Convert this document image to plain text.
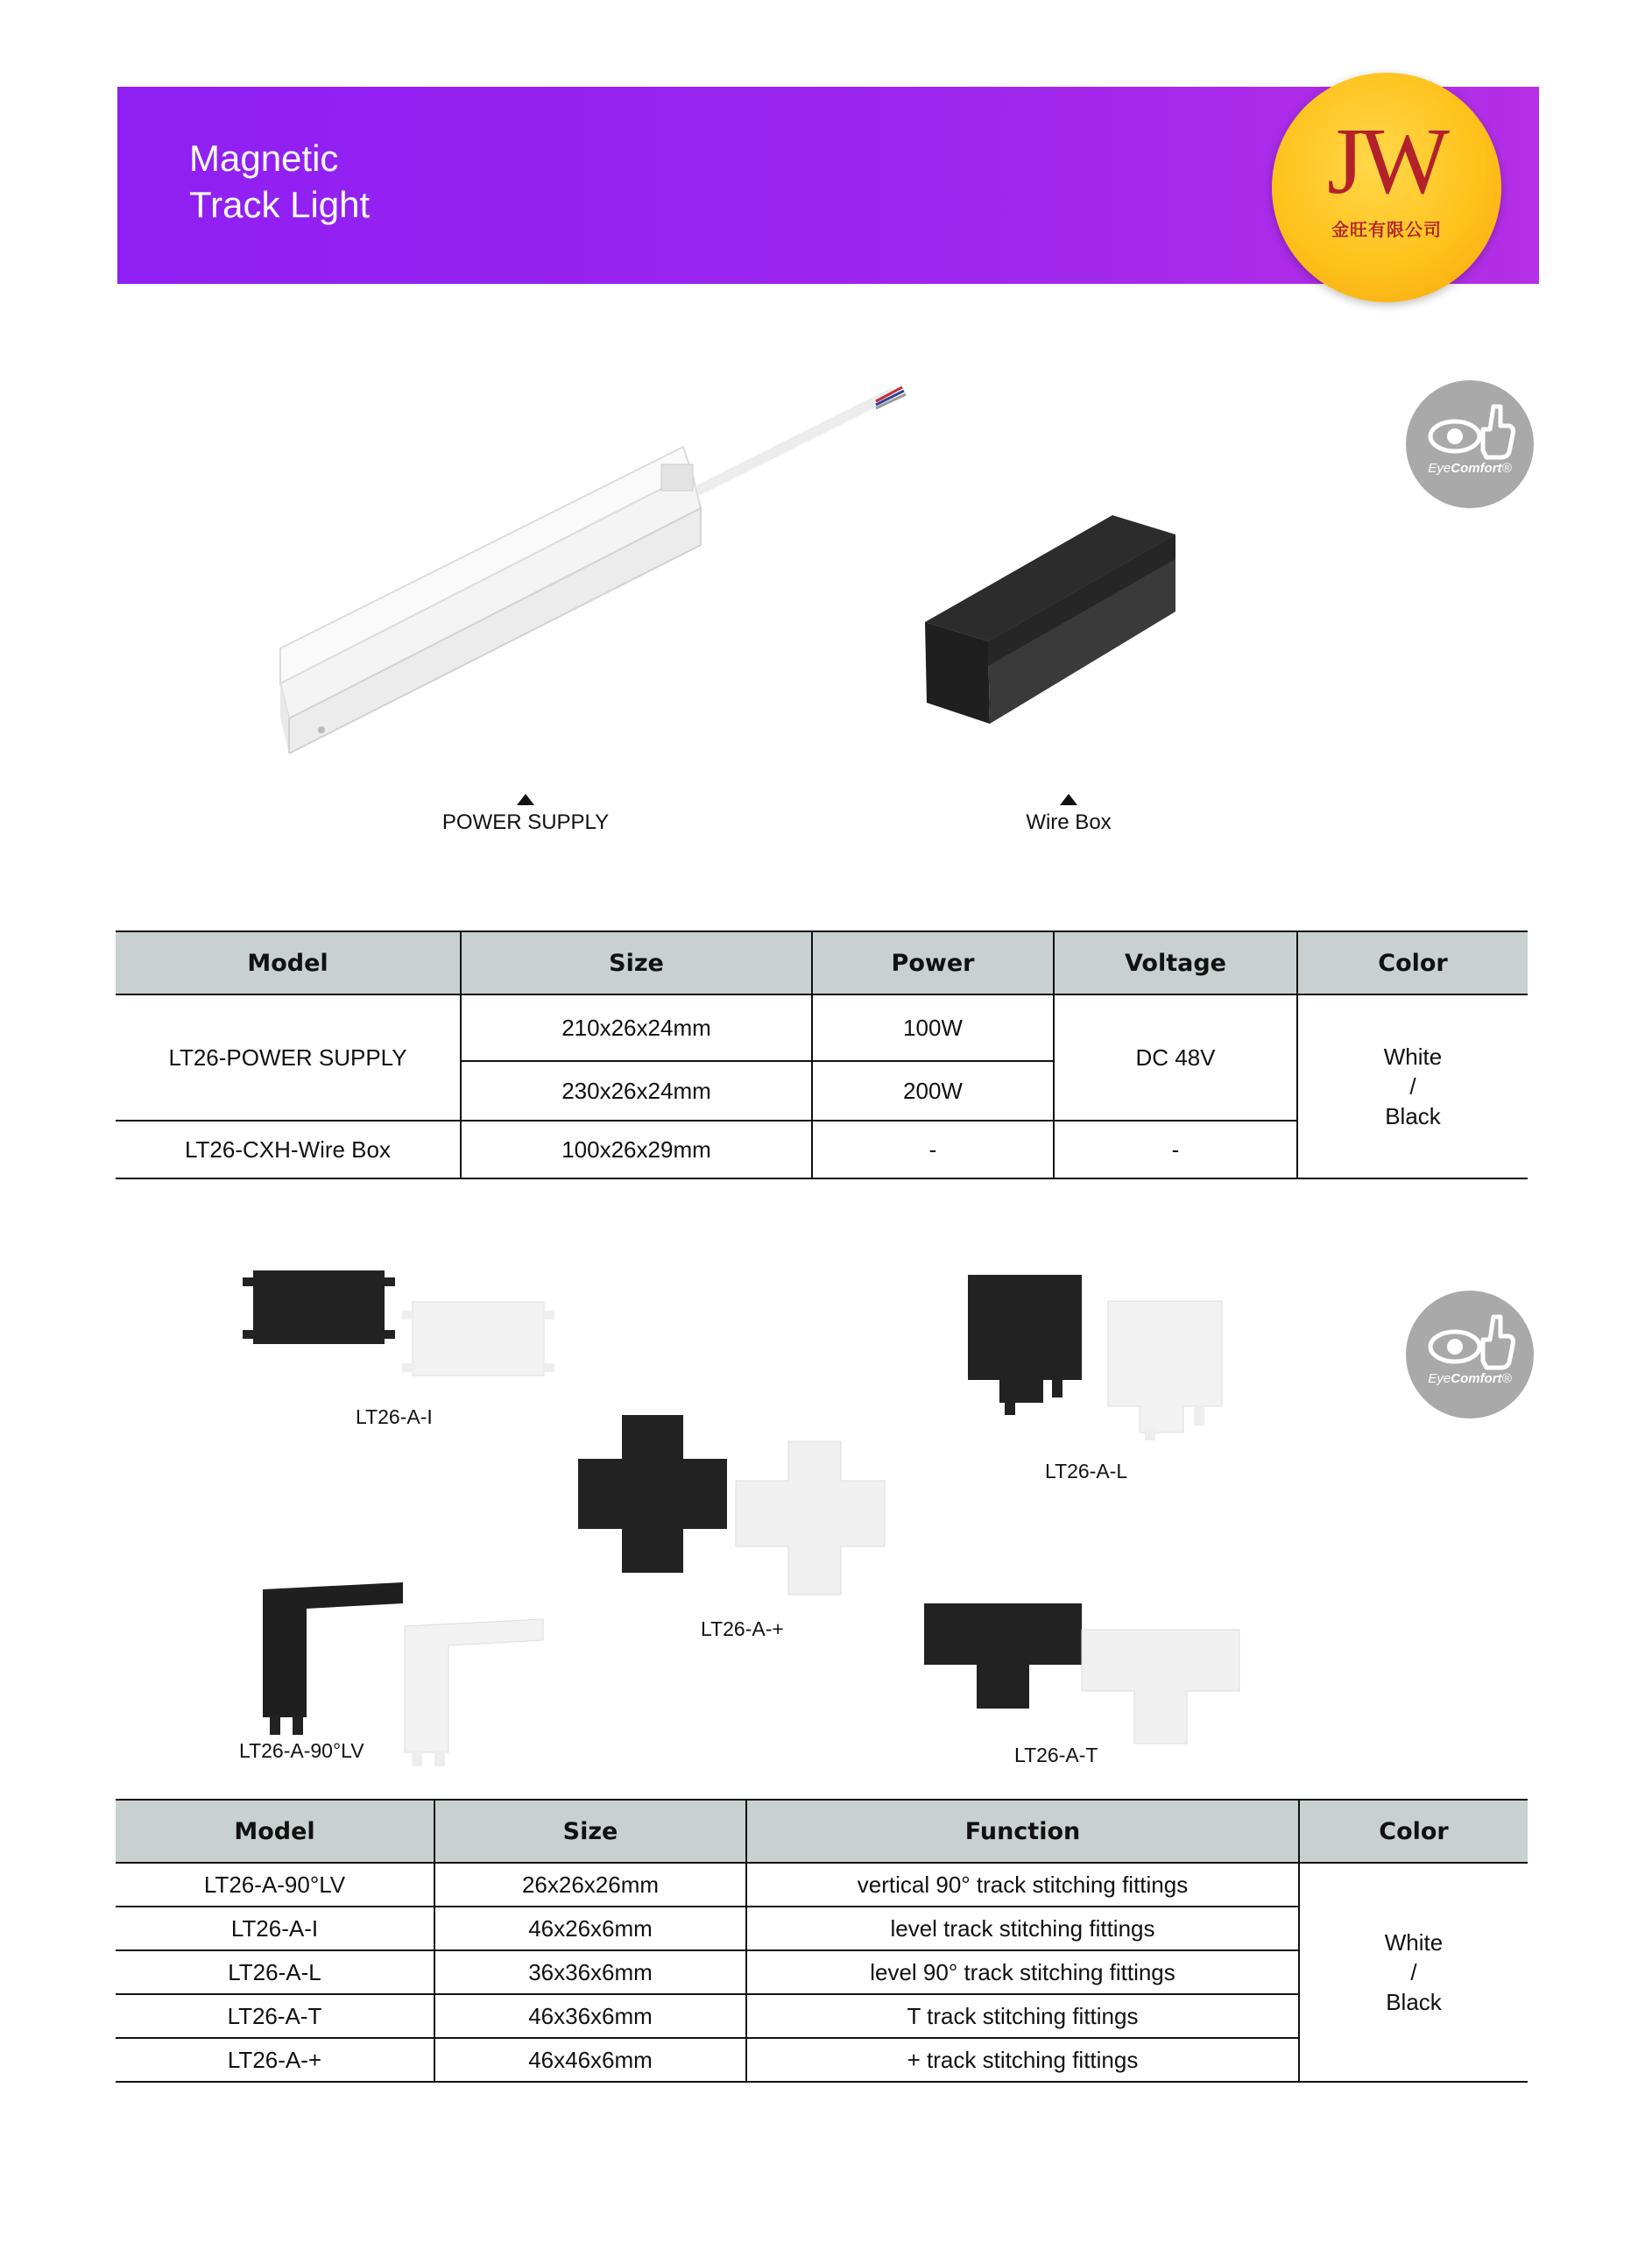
Magnetic
Track Light	JW
金旺有限公司
EyeComfort®
POWER SUPPLY	Wire Box
Model	Size	Power	Voltage	Color
LT26-POWER SUPPLY	210x26x24mm	100W	DC 48V	White
/
Black

	230x26x24mm	200W		
LT26-CXH-Wire Box	100x26x29mm	-	-	
EyeComfort®
LT26-A-I
LT26-A-L
LT26-A-+
LT26-A-90°LV	LT26-A-T
Model	Size	Function	Color
LT26-A-90°LV	26x26x26mm	vertical 90° track stitching fittings	White
/
Black

LT26-A-I	46x26x6mm	level track stitching fittings	
LT26-A-L	36x36x6mm	level 90° track stitching fittings	
LT26-A-T	46x36x6mm	T track stitching fittings	
LT26-A-+	46x46x6mm	+ track stitching fittings	
